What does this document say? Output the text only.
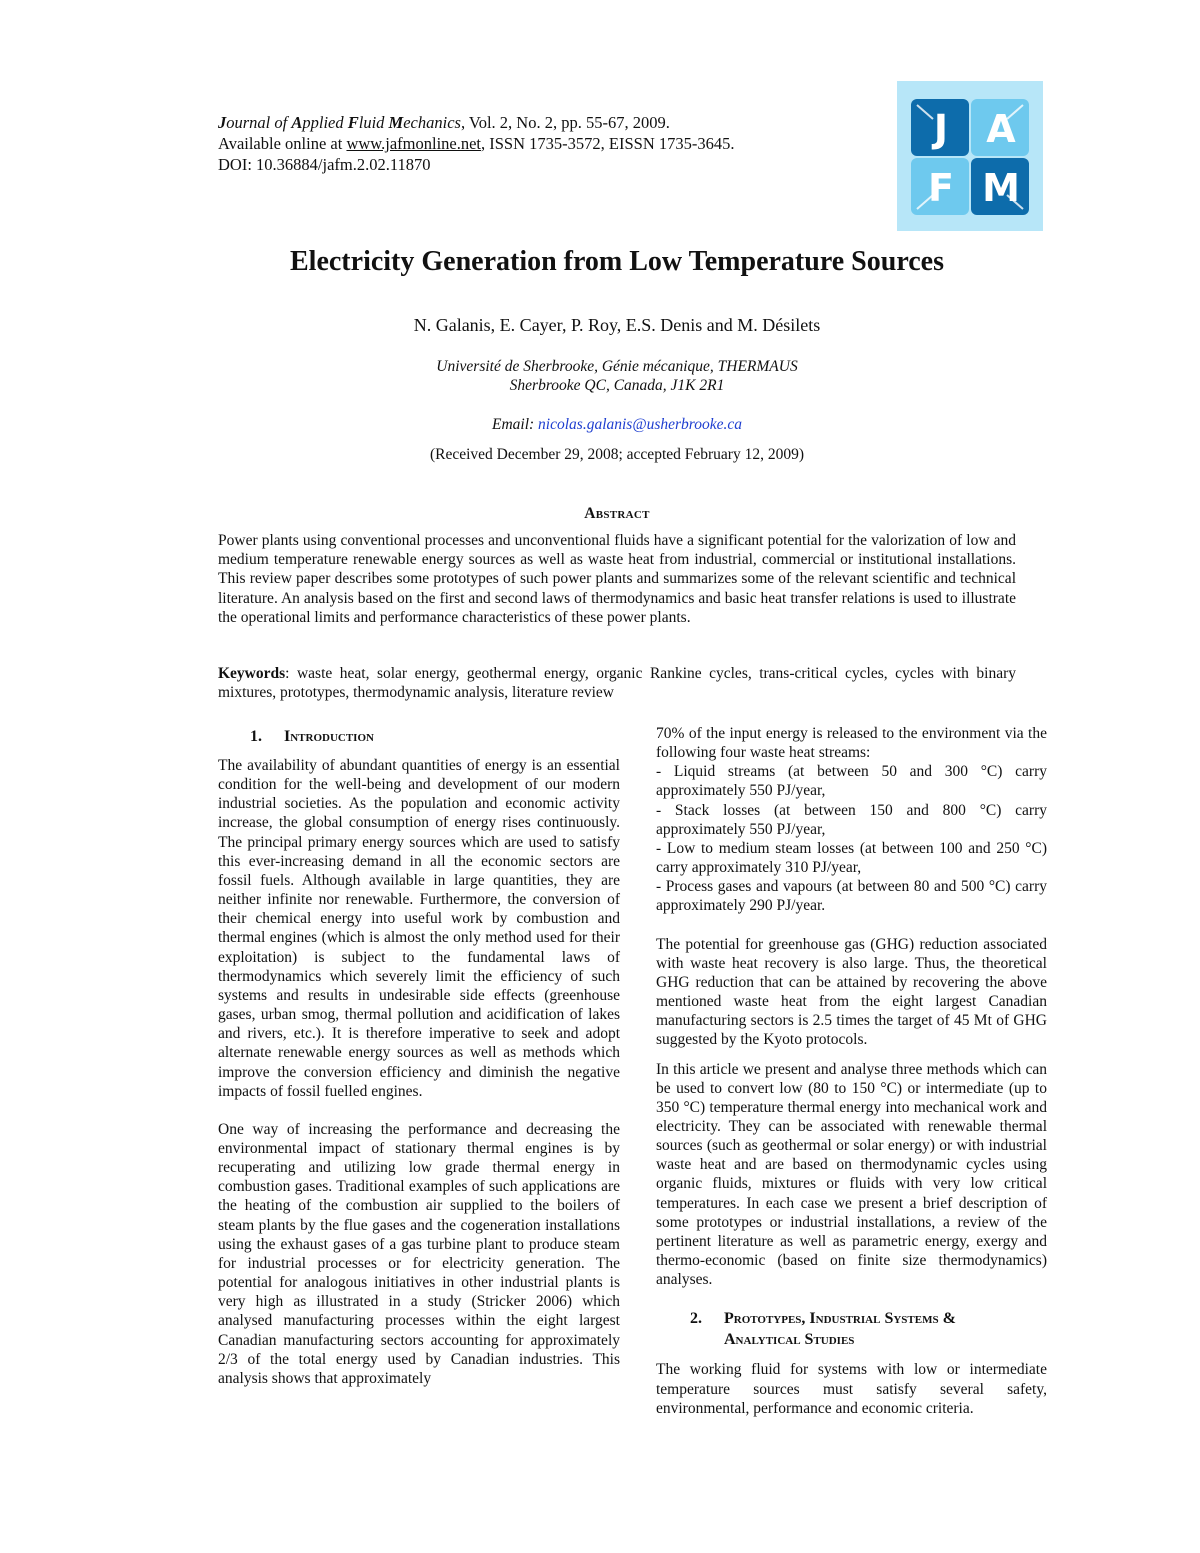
Journal of Applied Fluid Mechanics, Vol. 2, No. 2, pp. 55-67, 2009.
Available online at www.jafmonline.net, ISSN 1735-3572, EISSN 1735-3645.
DOI: 10.36884/jafm.2.02.11870
J A
F M
Electricity Generation from Low Temperature Sources
N. Galanis, E. Cayer, P. Roy, E.S. Denis and M. Désilets
Université de Sherbrooke, Génie mécanique, THERMAUS
Sherbrooke QC, Canada, J1K 2R1
Email: nicolas.galanis@usherbrooke.ca
(Received December 29, 2008; accepted February 12, 2009)
Abstract
Power plants using conventional processes and unconventional fluids have a significant potential for the valorization of low and medium temperature renewable energy sources as well as waste heat from industrial, commercial or institutional installations. This review paper describes some prototypes of such power plants and summarizes some of the relevant scientific and technical literature. An analysis based on the first and second laws of thermodynamics and basic heat transfer relations is used to illustrate the operational limits and performance characteristics of these power plants.
Keywords: waste heat, solar energy, geothermal energy, organic Rankine cycles, trans-critical cycles, cycles with binary mixtures, prototypes, thermodynamic analysis, literature review
1. Introduction

The availability of abundant quantities of energy is an essential condition for the well-being and development of our modern industrial societies. As the population and economic activity increase, the global consumption of energy rises continuously. The principal primary energy sources which are used to satisfy this ever-increasing demand in all the economic sectors are fossil fuels. Although available in large quantities, they are neither infinite nor renewable. Furthermore, the conversion of their chemical energy into useful work by combustion and thermal engines (which is almost the only method used for their exploitation) is subject to the fundamental laws of thermodynamics which severely limit the efficiency of such systems and results in undesirable side effects (greenhouse gases, urban smog, thermal pollution and acidification of lakes and rivers, etc.). It is therefore imperative to seek and adopt alternate renewable energy sources as well as methods which improve the conversion efficiency and diminish the negative impacts of fossil fuelled engines.

One way of increasing the performance and decreasing the environmental impact of stationary thermal engines is by recuperating and utilizing low grade thermal energy in combustion gases. Traditional examples of such applications are the heating of the combustion air supplied to the boilers of steam plants by the flue gases and the cogeneration installations using the exhaust gases of a gas turbine plant to produce steam for industrial processes or for electricity generation. The potential for analogous initiatives in other industrial plants is very high as illustrated in a study (Stricker 2006) which analysed manufacturing processes within the eight largest Canadian manufacturing sectors accounting for approximately 2/3 of the total energy used by Canadian industries. This analysis shows that approximately

70% of the input energy is released to the environment via the following four waste heat streams:

- Liquid streams (at between 50 and 300 °C) carry approximately 550 PJ/year,

- Stack losses (at between 150 and 800 °C) carry approximately 550 PJ/year,

- Low to medium steam losses (at between 100 and 250 °C) carry approximately 310 PJ/year,

- Process gases and vapours (at between 80 and 500 °C) carry approximately 290 PJ/year.

The potential for greenhouse gas (GHG) reduction associated with waste heat recovery is also large. Thus, the theoretical GHG reduction that can be attained by recovering the above mentioned waste heat from the eight largest Canadian manufacturing sectors is 2.5 times the target of 45 Mt of GHG suggested by the Kyoto protocols.

In this article we present and analyse three methods which can be used to convert low (80 to 150 °C) or intermediate (up to 350 °C) temperature thermal energy into mechanical work and electricity. They can be associated with renewable thermal sources (such as geothermal or solar energy) or with industrial waste heat and are based on thermodynamic cycles using organic fluids, mixtures or fluids with very low critical temperatures. In each case we present a brief description of some prototypes or industrial installations, a review of the pertinent literature as well as parametric energy, exergy and thermo-economic (based on finite size thermodynamics) analyses.

2. Prototypes, Industrial Systems &
Analytical Studies

The working fluid for systems with low or intermediate temperature sources must satisfy several safety, environmental, performance and economic criteria.
